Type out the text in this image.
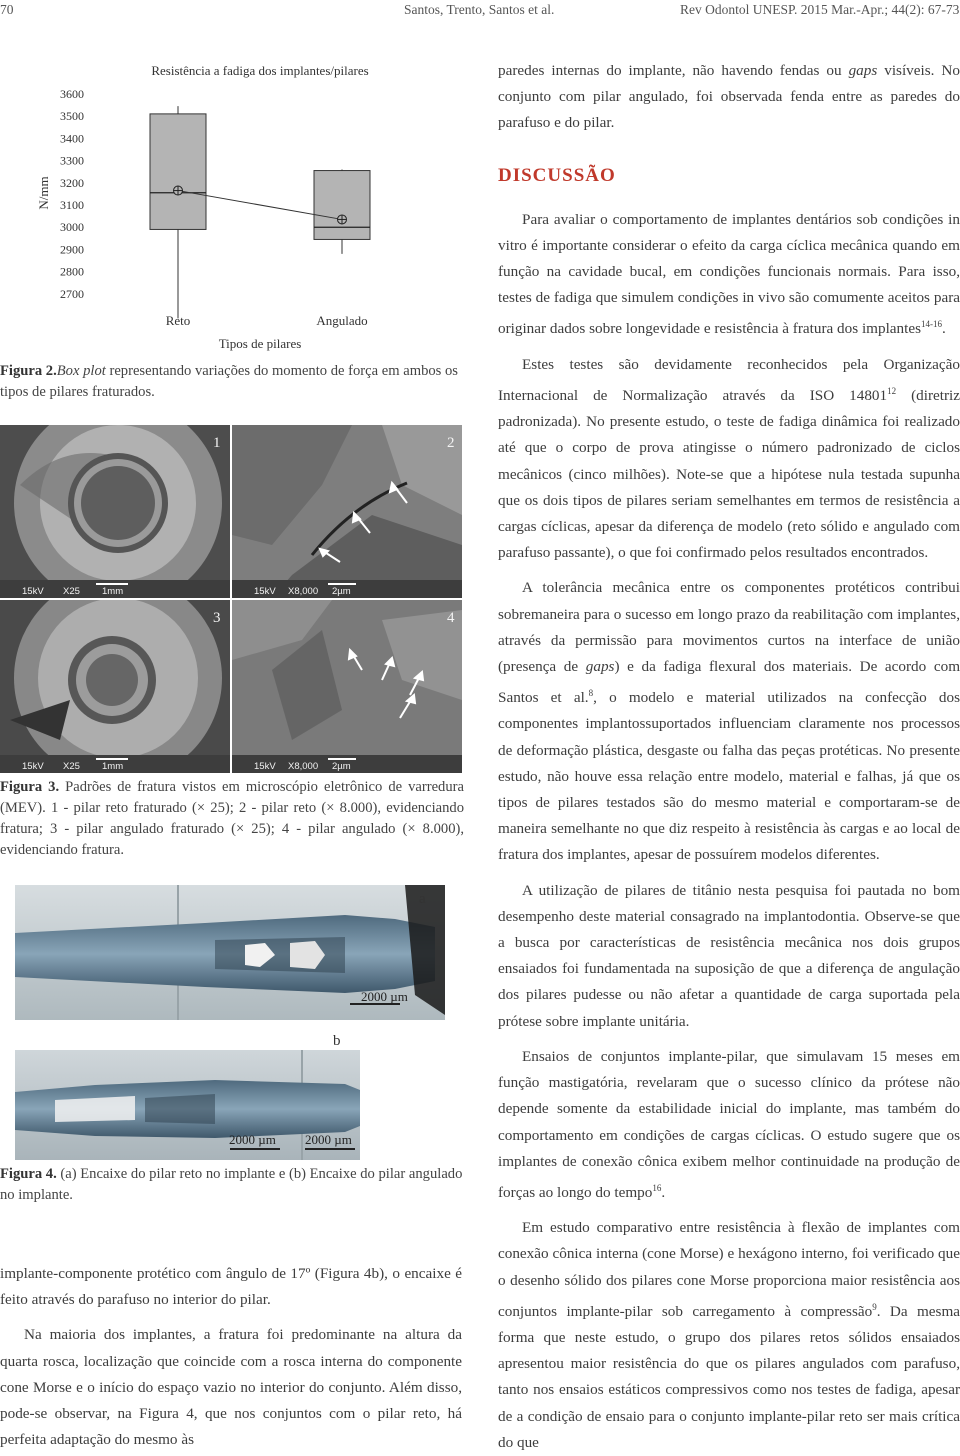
70	Santos, Trento, Santos et al.	Rev Odontol UNESP. 2015 Mar.-Apr.; 44(2): 67-73
Resistência a fadiga dos implantes/pilares
N/mm
Tipos de pilares
2700
2800
2900
3000
3100
3200
3300
3400
3500
3600
Reto	Angulado

Figura 2.Box plot representando variações do momento de força em ambos os tipos de pilares fraturados.

1
15kV X25 1mm
2
15kV X8,000 2µm
3
15kV X25 1mm
4
15kV X8,000 2µm

Figura 3. Padrões de fratura vistos em microscópio eletrônico de varredura (MEV). 1 - pilar reto fraturado (× 25); 2 - pilar reto (× 8.000), evidenciando fratura; 3 - pilar angulado fraturado (× 25); 4 - pilar angulado (× 8.000), evidenciando fratura.

a
2000 µm
b
2000 µm 2000 µm

Figura 4. (a) Encaixe do pilar reto no implante e (b) Encaixe do pilar angulado no implante.

implante-componente protético com ângulo de 17º (Figura 4b), o encaixe é feito através do parafuso no interior do pilar.

Na maioria dos implantes, a fratura foi predominante na altura da quarta rosca, localização que coincide com a rosca interna do componente cone Morse e o início do espaço vazio no interior do conjunto. Além disso, pode-se observar, na Figura 4, que nos conjuntos com o pilar reto, há perfeita adaptação do mesmo às

paredes internas do implante, não havendo fendas ou gaps visíveis. No conjunto com pilar angulado, foi observada fenda entre as paredes do parafuso e do pilar.

DISCUSSÃO

Para avaliar o comportamento de implantes dentários sob condições in vitro é importante considerar o efeito da carga cíclica mecânica quando em função na cavidade bucal, em condições funcionais normais. Para isso, testes de fadiga que simulem condições in vivo são comumente aceitos para originar dados sobre longevidade e resistência à fratura dos implantes$^{14-16}$.

Estes testes são devidamente reconhecidos pela Organização Internacional de Normalização através da ISO 14801$^{12}$ (diretriz padronizada). No presente estudo, o teste de fadiga dinâmica foi realizado até que o corpo de prova atingisse o número padronizado de ciclos mecânicos (cinco milhões). Note-se que a hipótese nula testada supunha que os dois tipos de pilares seriam semelhantes em termos de resistência a cargas cíclicas, apesar da diferença de modelo (reto sólido e angulado com parafuso passante), o que foi confirmado pelos resultados encontrados.

A tolerância mecânica entre os componentes protéticos contribui sobremaneira para o sucesso em longo prazo da reabilitação com implantes, através da permissão para movimentos curtos na interface de união (presença de gaps) e da fadiga flexural dos materiais. De acordo com Santos et al.$^8$, o modelo e material utilizados na confecção dos componentes implantossuportados influenciam claramente nos processos de deformação plástica, desgaste ou falha das peças protéticas. No presente estudo, não houve essa relação entre modelo, material e falhas, já que os tipos de pilares testados são do mesmo material e comportaram-se de maneira semelhante no que diz respeito à resistência às cargas e ao local de fratura dos implantes, apesar de possuírem modelos diferentes.

A utilização de pilares de titânio nesta pesquisa foi pautada no bom desempenho deste material consagrado na implantodontia. Observe-se que a busca por características de resistência mecânica nos dois grupos ensaiados foi fundamentada na suposição de que a diferença de angulação dos pilares pudesse ou não afetar a quantidade de carga suportada pela prótese sobre implante unitária.

Ensaios de conjuntos implante-pilar, que simulavam 15 meses em função mastigatória, revelaram que o sucesso clínico da prótese não depende somente da estabilidade inicial do implante, mas também do comportamento em condições de cargas cíclicas. O estudo sugere que os implantes de conexão cônica exibem melhor continuidade na produção de forças ao longo do tempo$^{16}$.

Em estudo comparativo entre resistência à flexão de implantes com conexão cônica interna (cone Morse) e hexágono interno, foi verificado que o desenho sólido dos pilares cone Morse proporciona maior resistência aos conjuntos implante-pilar sob carregamento à compressão$^9$. Da mesma forma que neste estudo, o grupo dos pilares retos sólidos ensaiados apresentou maior resistência do que os pilares angulados com parafuso, tanto nos ensaios estáticos compressivos como nos testes de fadiga, apesar de a condição de ensaio para o conjunto implante-pilar reto ser mais crítica do que
